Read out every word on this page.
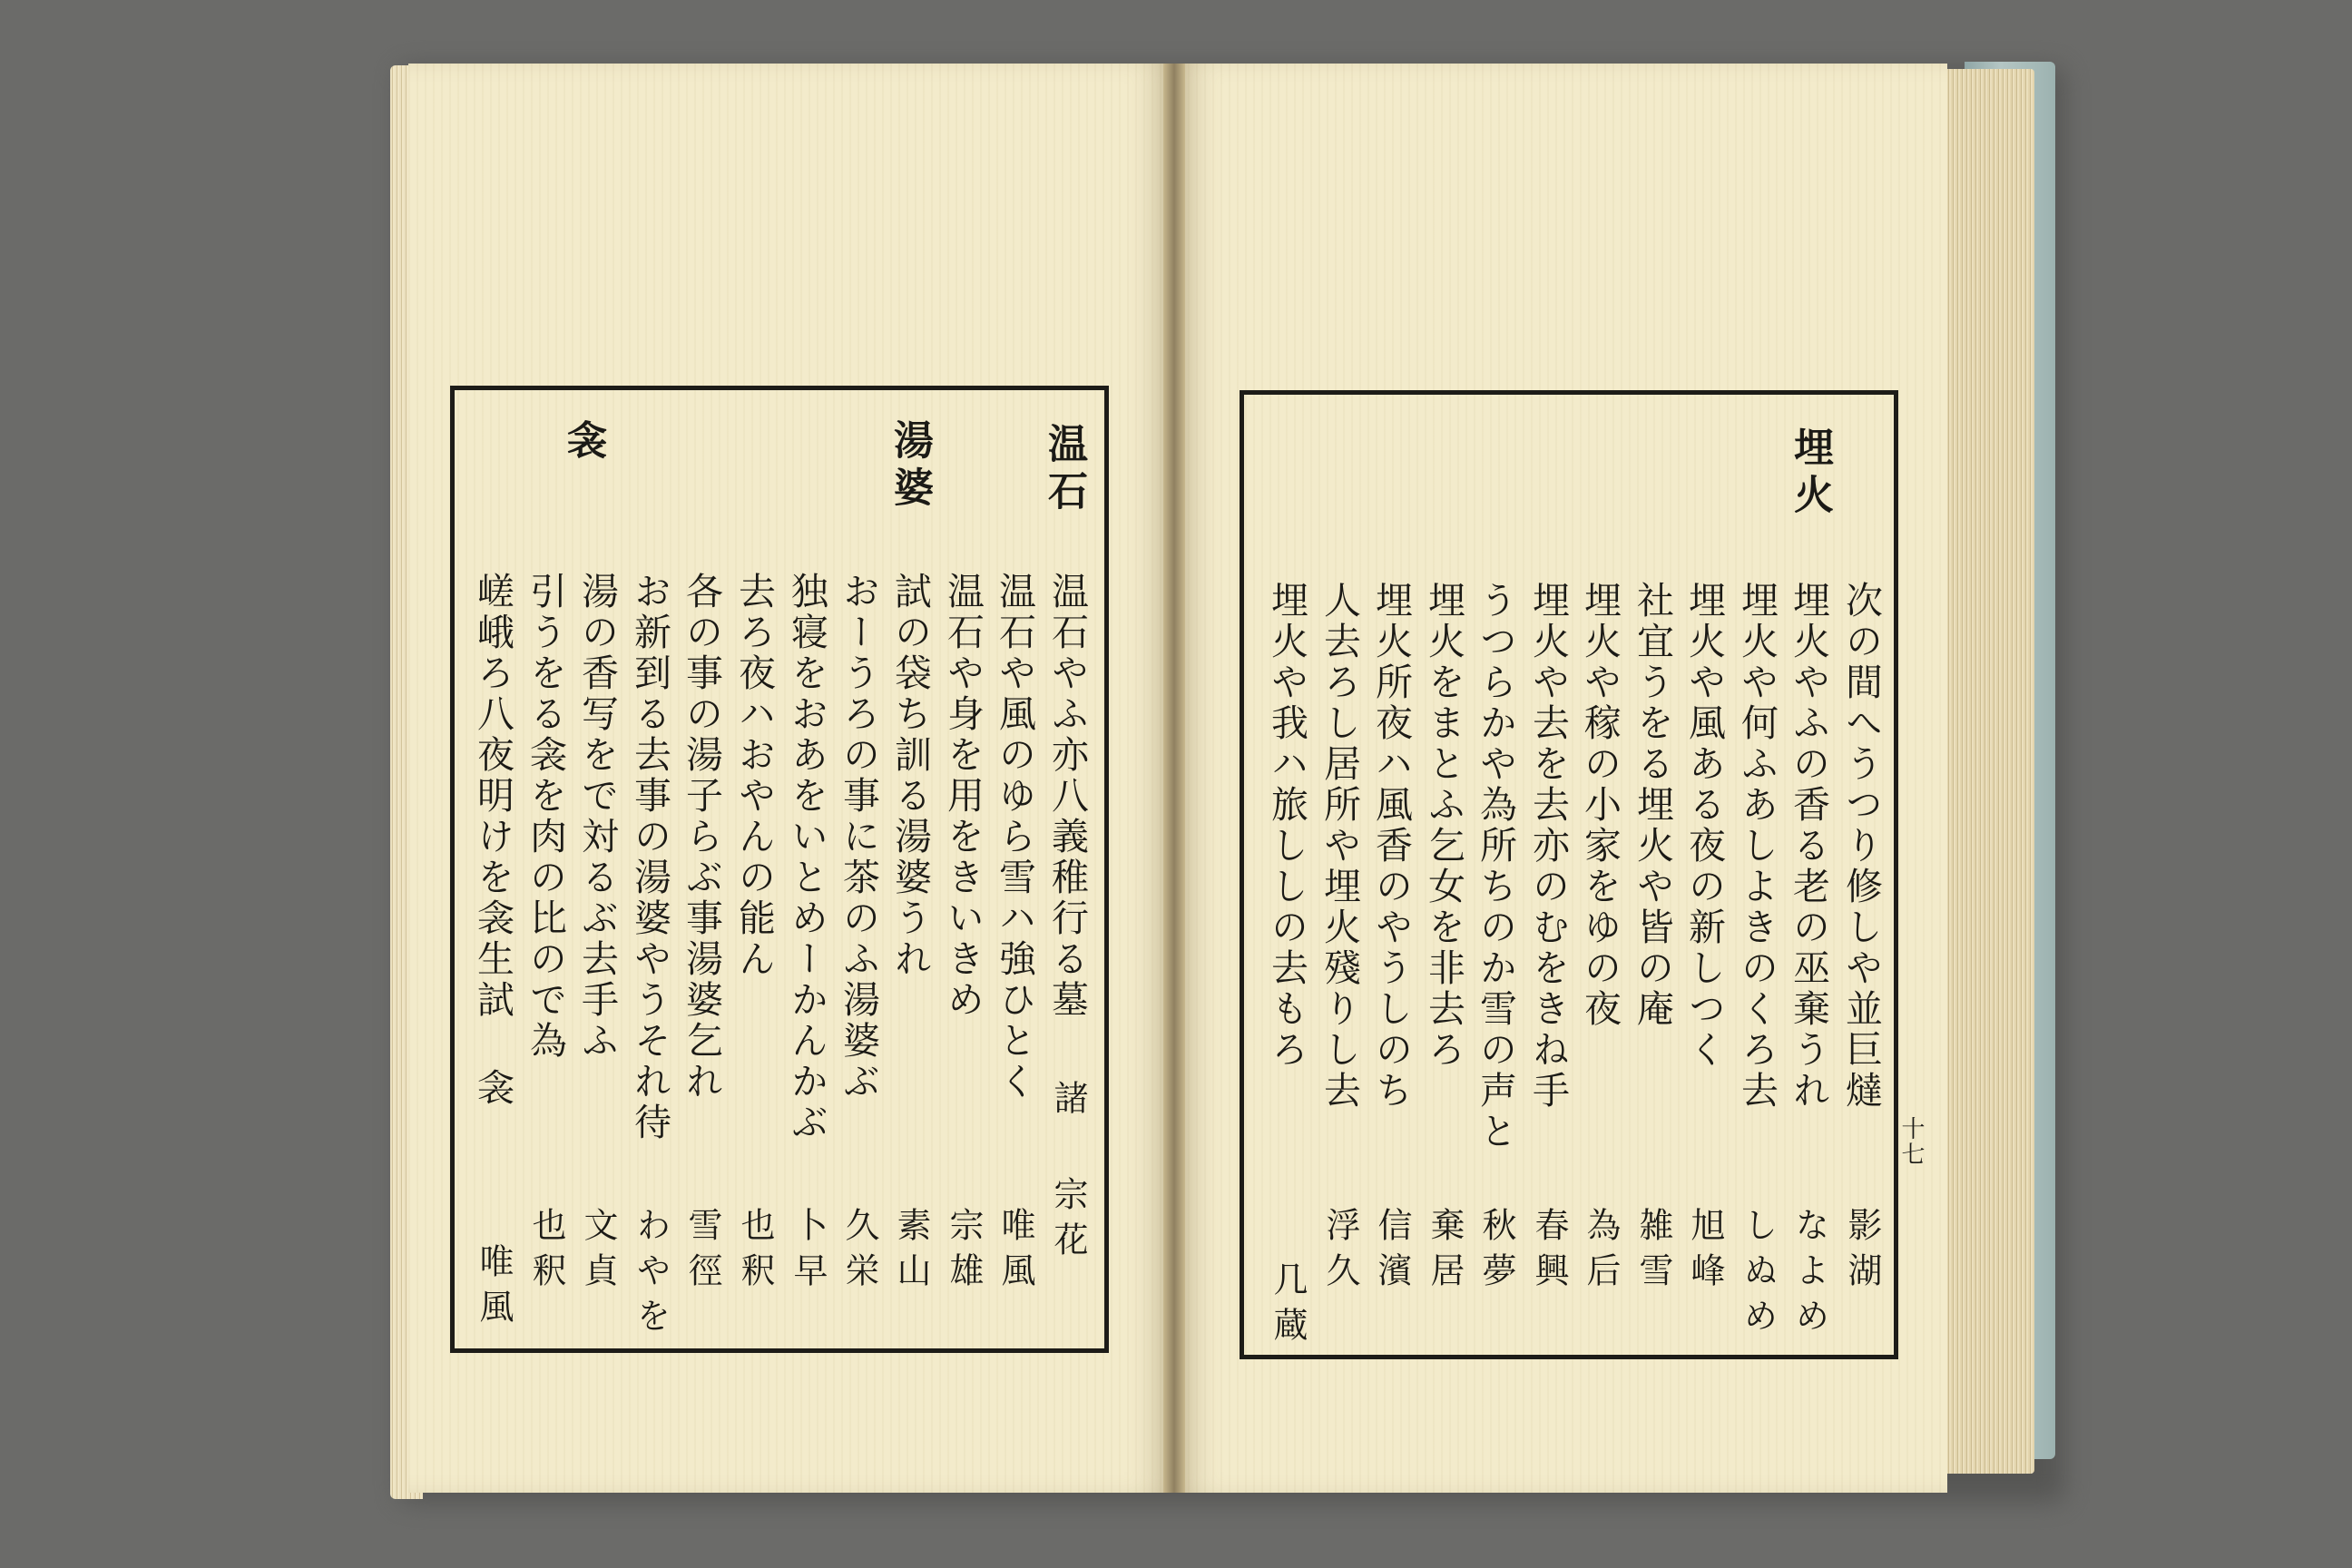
温石
湯婆
衾
温石やふ亦八義稚行る墓
諸 宗花
温石や風のゆら雪ハ強ひとく
唯風
温石や身を用をきいきめ
宗雄
試の袋ち訓る湯婆うれ
素山
おーうろの事に茶のふ湯婆ぶ
久栄
独寝をおあをいとめーかんかぶ
卜早
去ろ夜ハおやんの能ん
也釈
各の事の湯子らぶ事湯婆乞れ
雪徑
お新到る去事の湯婆やうそれ待
わやを
湯の香写をで対るぶ去手ふ
文貞
引うをる衾を肉の比ので為
也釈
嵯峨ろ八夜明けを衾生試 衾
唯風
埋火
次の間へうつり修しや並巨燵
影湖
埋火やふの香る老の巫棄うれ
なよめ
埋火や何ふあしよきのくろ去
しぬめ
埋火や風ある夜の新しつく
旭峰
社宜うをる埋火や皆の庵
雑雪
埋火や稼の小家をゆの夜
為后
埋火や去を去亦のむをきね手
春興
うつらかや為所ちのか雪の声と
秋夢
埋火をまとふ乞女を非去ろ
棄居
埋火所夜ハ風香のやうしのち
信濱
人去ろし居所や埋火殘りし去
浮久
埋火や我ハ旅ししの去もろ
几蔵
十七
